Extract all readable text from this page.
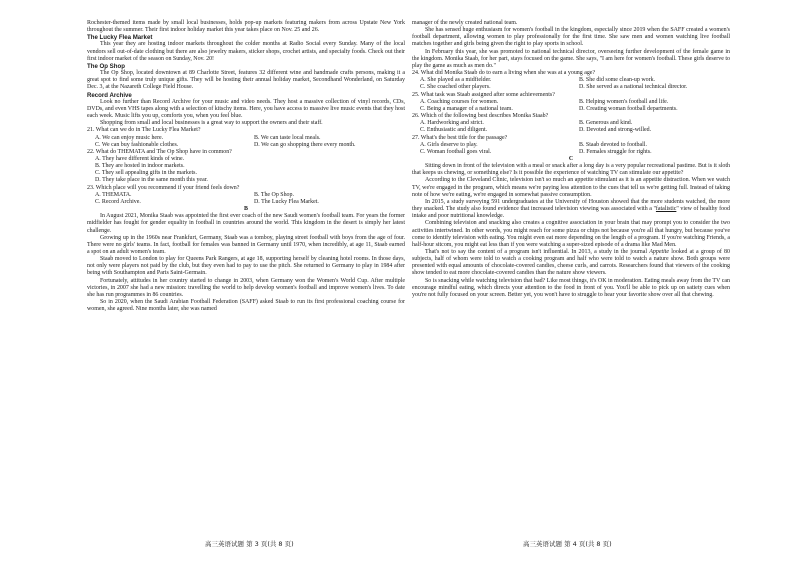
Rochester-themed items made by small local businesses, holds pop-up markets featuring makers from across Upstate New York throughout the summer. Their first indoor holiday market this year takes place on Nov. 25 and 26.

The Lucky Flea Market

This year they are hosting indoor markets throughout the colder months at Radio Social every Sunday. Many of the local vendors sell out-of-date clothing but there are also jewelry makers, sticker shops, crochet artists, and specialty foods. Check out their first indoor market of the season on Sunday, Nov. 20!

The Op Shop

The Op Shop, located downtown at 89 Charlotte Street, features 32 different wine and handmade crafts persons, making it a great spot to find some truly unique gifts. They will be hosting their annual holiday market, Secondhand Wonderland, on Saturday Dec. 3, at the Nazareth College Field House.

Record Archive

Look no further than Record Archive for your music and video needs. They host a massive collection of vinyl records, CDs, DVDs, and even VHS tapes along with a selection of kitschy items. Here, you have access to massive live music events that they host each week. Music lifts you up, comforts you, when you feel blue.

Shopping from small and local businesses is a great way to support the owners and their staff.

21. What can we do in The Lucky Flea Market?

A. We can enjoy music here.	B. We can taste local meals.
C. We can buy fashionable clothes.	D. We can go shopping there every month.

22. What do THEMATA and The Op Shop have in common?

A. They have different kinds of wine.
B. They are hosted in indoor markets.
C. They sell appealing gifts in the markets.
D. They take place in the same month this year.

23. Which place will you recommend if your friend feels down?

A. THEMATA.	B. The Op Shop.
C. Record Archive.	D. The Lucky Flea Market.

B

In August 2021, Monika Staab was appointed the first ever coach of the new Saudi women's football team. For years the former midfielder has fought for gender equality in football in countries around the world. This kingdom in the desert is simply her latest challenge.

Growing up in the 1960s near Frankfurt, Germany, Staab was a tomboy, playing street football with boys from the age of four. There were no girls' teams. In fact, football for females was banned in Germany until 1970, when incredibly, at age 11, Staab earned a spot on an adult women's team.

Staab moved to London to play for Queens Park Rangers, at age 18, supporting herself by cleaning hotel rooms. In those days, not only were players not paid by the club, but they even had to pay to use the pitch. She returned to Germany to play in 1984 after being with Southampton and Paris Saint-Germain.

Fortunately, attitudes in her country started to change in 2003, when Germany won the Women's World Cup. After multiple victories, in 2007 she had a new mission: travelling the world to help develop women's football and improve women's lives. To date she has run programmes in 86 countries.

So in 2020, when the Saudi Arabian Football Federation (SAFF) asked Staab to run its first professional coaching course for women, she agreed. Nine months later, she was named

manager of the newly created national team.

She has sensed huge enthusiasm for women's football in the kingdom, especially since 2019 when the SAFF created a women's football department, allowing women to play professionally for the first time. She saw men and women watching live football matches together and girls being given the right to play sports in school.

In February this year, she was promoted to national technical director, overseeing further development of the female game in the kingdom. Monika Staab, for her part, stays focused on the game. She says, "I am here for women's football. These girls deserve to play the game as much as men do."

24. What did Monika Staab do to earn a living when she was at a young age?

A. She played as a midfielder.	B. She did some clean-up work.
C. She coached other players.	D. She served as a national technical director.

25. What task was Staab assigned after some achievements?

A. Coaching courses for women.	B. Helping women's football and life.
C. Being a manager of a national team.	D. Creating woman football departments.

26. Which of the following best describes Monika Staab?

A. Hardworking and strict.	B. Generous and kind.
C. Enthusiastic and diligent.	D. Devoted and strong-willed.

27. What's the best title for the passage?

A. Girls deserve to play.	B. Staab devoted to football.
C. Woman football goes viral.	D. Females struggle for rights.

C

Sitting down in front of the television with a meal or snack after a long day is a very popular recreational pastime. But is it sloth that keeps us chewing, or something else? Is it possible the experience of watching TV can stimulate our appetite?

According to the Cleveland Clinic, television isn't so much an appetite stimulant as it is an appetite distraction. When we watch TV, we're engaged in the program, which means we're paying less attention to the cues that tell us we're getting full. Instead of taking note of how we're eating, we're engaged in somewhat passive consumption.

In 2015, a study surveying 591 undergraduates at the University of Houston showed that the more students watched, the more they snacked. The study also found evidence that increased television viewing was associated with a "fatalistic" view of healthy food intake and poor nutritional knowledge.

Combining television and snacking also creates a cognitive association in your brain that may prompt you to consider the two activities intertwined. In other words, you might reach for some pizza or chips not because you're all that hungry, but because you've come to identify television with eating. You might even eat more depending on the length of a program. If you're watching Friends, a half-hour sitcom, you might eat less than if you were watching a super-sized episode of a drama like Mad Men.

That's not to say the content of a program isn't influential. In 2013, a study in the journal Appetite looked at a group of 80 subjects, half of whom were told to watch a cooking program and half who were told to watch a nature show. Both groups were presented with equal amounts of chocolate-covered candies, cheese curls, and carrots. Researchers found that viewers of the cooking show tended to eat more chocolate-covered candies than the nature show viewers.

So is snacking while watching television that bad? Like most things, it's OK in moderation. Eating meals away from the TV can encourage mindful eating, which directs your attention to the food in front of you. You'll be able to pick up on satiety cues when you're not fully focused on your screen. Better yet, you won't have to struggle to hear your favorite show over all that chewing.

高三英语试题 第 3 页(共 8 页)	高三英语试题 第 4 页(共 8 页)
